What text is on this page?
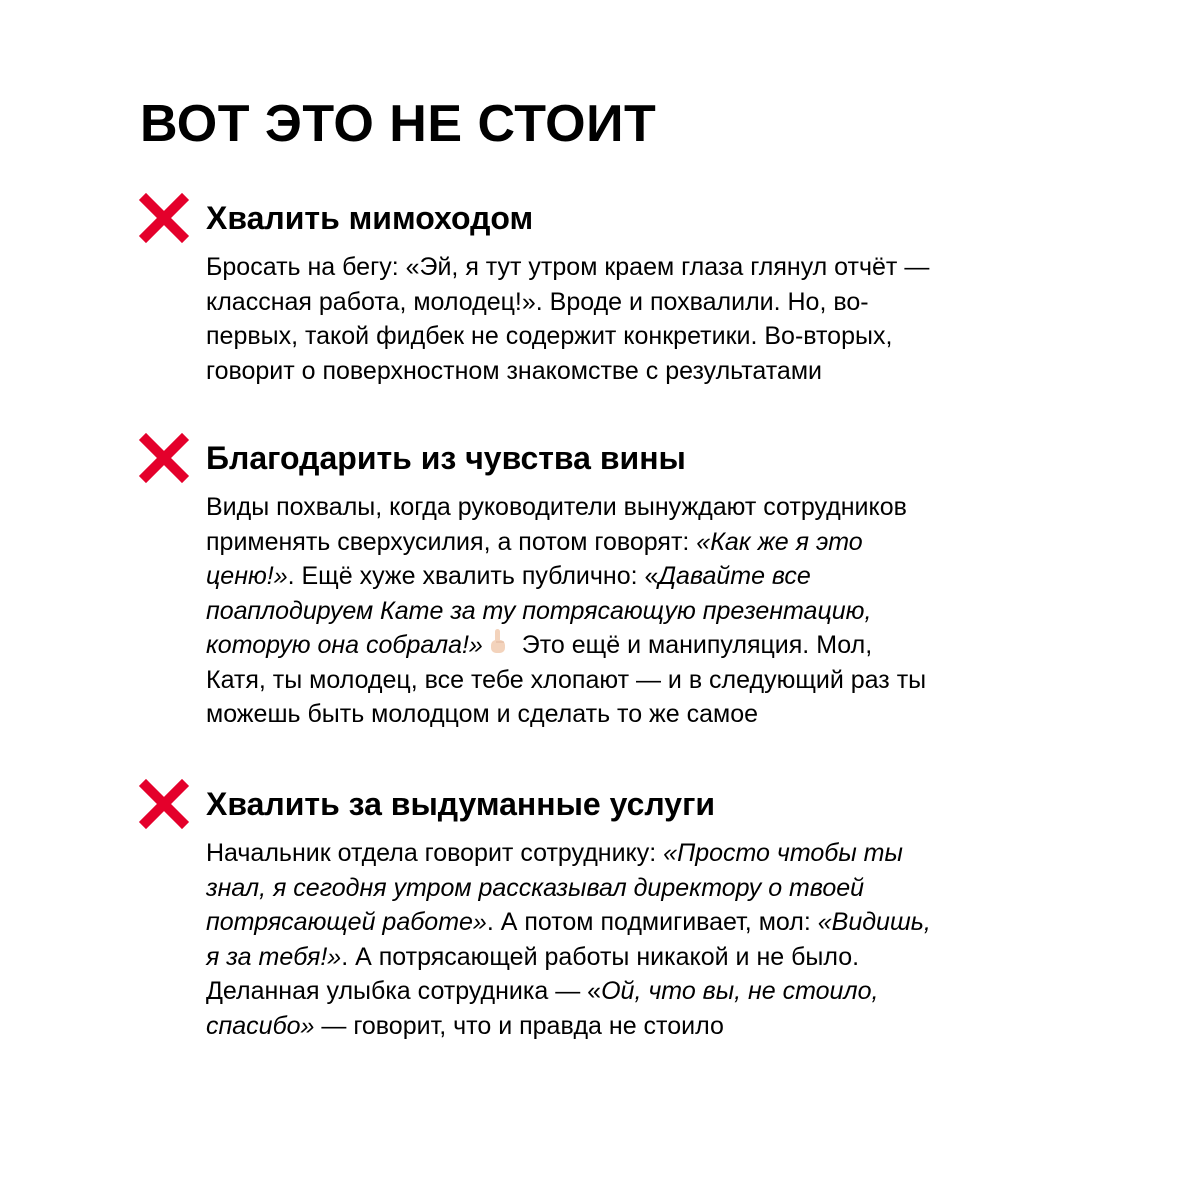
ВОТ ЭТО НЕ СТОИТ
Хвалить мимоходом

Бросать на бегу: «Эй, я тут утром краем глаза глянул отчёт —
классная работа, молодец!». Вроде и похвалили. Но, во-
первых, такой фидбек не содержит конкретики. Во-вторых,
говорит о поверхностном знакомстве с результатами

Благодарить из чувства вины

Виды похвалы, когда руководители вынуждают сотрудников
применять сверхусилия, а потом говорят: «Как же я это
ценю!». Ещё хуже хвалить публично: «Давайте все
поаплодируем Кате за ту потрясающую презентацию,
которую она собрала!» Это ещё и манипуляция. Мол,
Катя, ты молодец, все тебе хлопают — и в следующий раз ты
можешь быть молодцом и сделать то же самое

Хвалить за выдуманные услуги

Начальник отдела говорит сотруднику: «Просто чтобы ты
знал, я сегодня утром рассказывал директору о твоей
потрясающей работе». А потом подмигивает, мол: «Видишь,
я за тебя!». А потрясающей работы никакой и не было.
Деланная улыбка сотрудника — «Ой, что вы, не стоило,
спасибо» — говорит, что и правда не стоило
